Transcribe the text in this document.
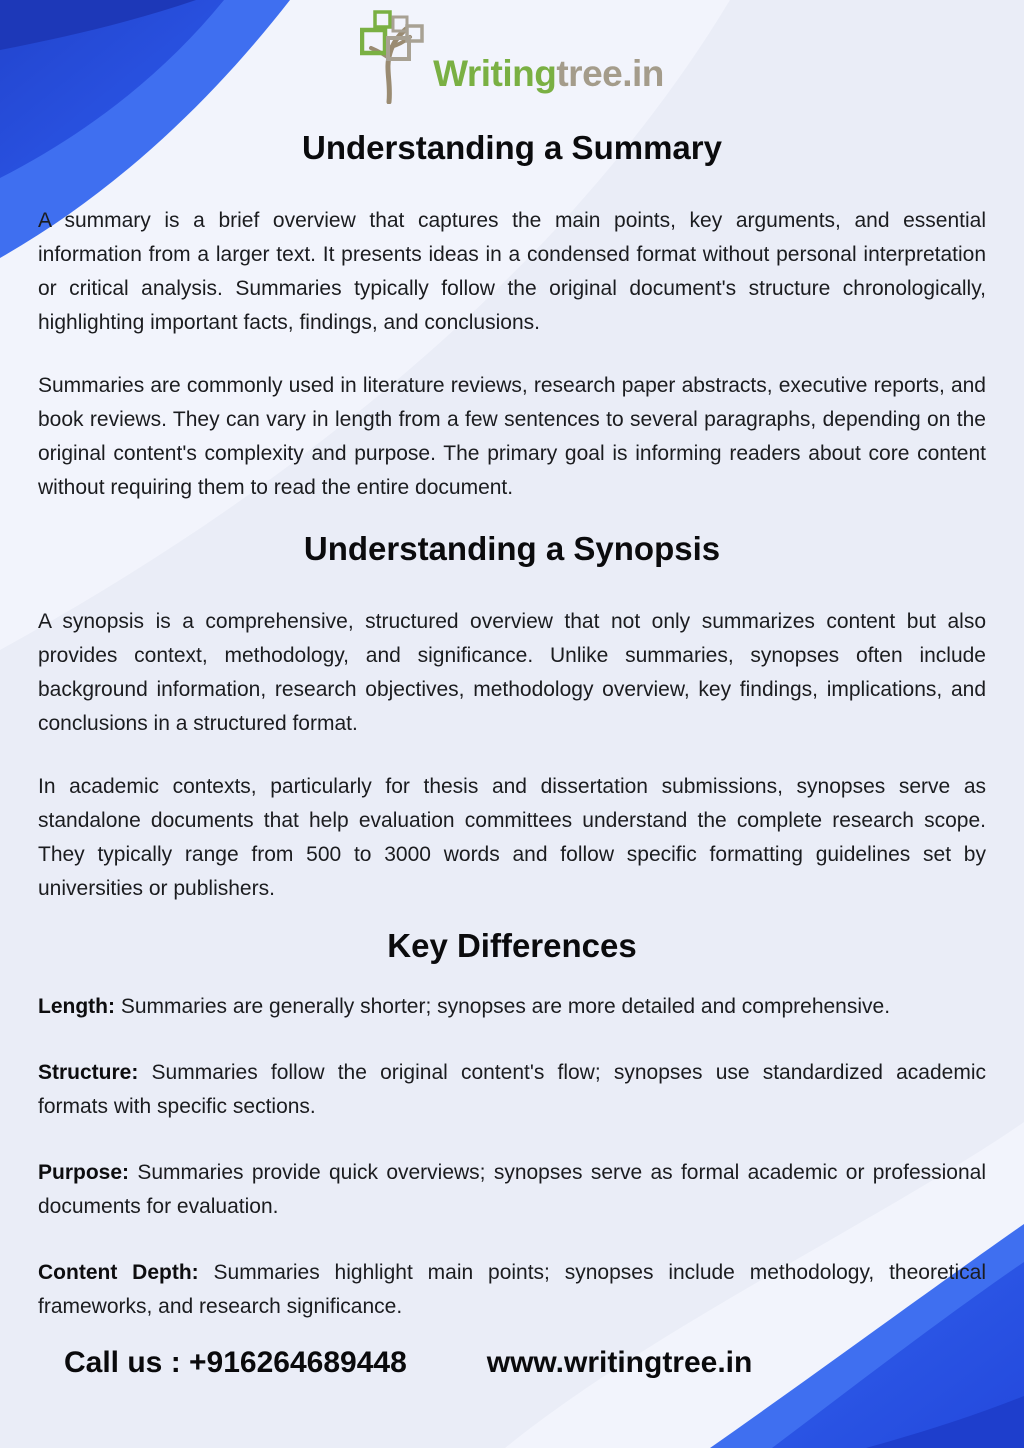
Writingtree.in
Understanding a Summary

A summary is a brief overview that captures the main points, key arguments, and essential information from a larger text. It presents ideas in a condensed format without personal interpretation or critical analysis. Summaries typically follow the original document's structure chronologically, highlighting important facts, findings, and conclusions.

Summaries are commonly used in literature reviews, research paper abstracts, executive reports, and book reviews. They can vary in length from a few sentences to several paragraphs, depending on the original content's complexity and purpose. The primary goal is informing readers about core content without requiring them to read the entire document.

Understanding a Synopsis

A synopsis is a comprehensive, structured overview that not only summarizes content but also provides context, methodology, and significance. Unlike summaries, synopses often include background information, research objectives, methodology overview, key findings, implications, and conclusions in a structured format.

In academic contexts, particularly for thesis and dissertation submissions, synopses serve as standalone documents that help evaluation committees understand the complete research scope. They typically range from 500 to 3000 words and follow specific formatting guidelines set by universities or publishers.

Key Differences

Length: Summaries are generally shorter; synopses are more detailed and comprehensive.

Structure: Summaries follow the original content's flow; synopses use standardized academic formats with specific sections.

Purpose: Summaries provide quick overviews; synopses serve as formal academic or professional documents for evaluation.

Content Depth: Summaries highlight main points; synopses include methodology, theoretical frameworks, and research significance.

Call us : +916264689448	www.writingtree.in
